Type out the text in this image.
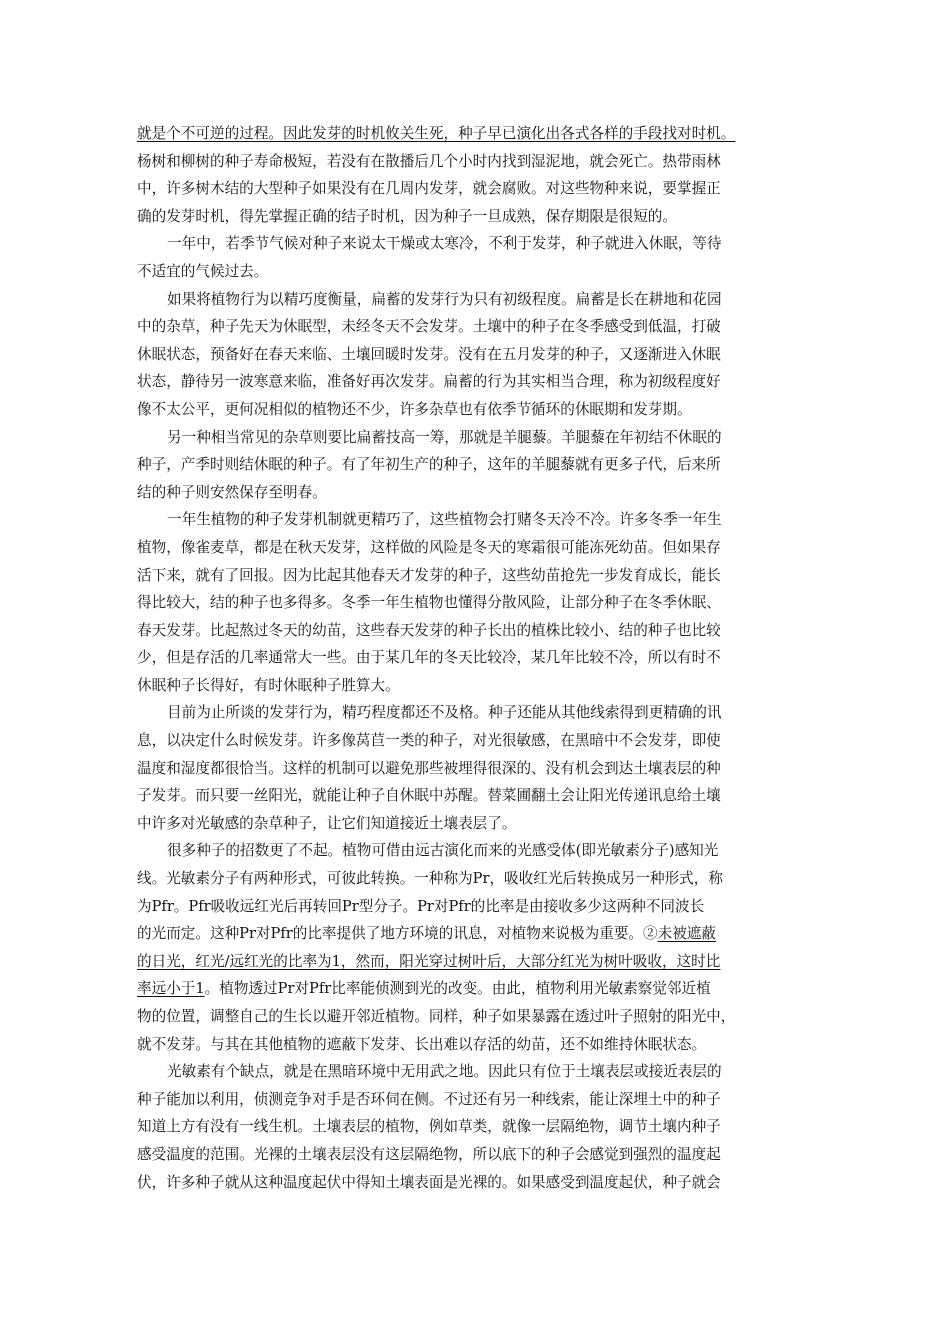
就是个不可逆的过程。因此发芽的时机攸关生死，种子早已演化出各式各样的手段找对时机。
杨树和柳树的种子寿命极短，若没有在散播后几个小时内找到湿泥地，就会死亡。热带雨林
中，许多树木结的大型种子如果没有在几周内发芽，就会腐败。对这些物种来说，要掌握正
确的发芽时机，得先掌握正确的结子时机，因为种子一旦成熟，保存期限是很短的。
一年中，若季节气候对种子来说太干燥或太寒冷，不利于发芽，种子就进入休眠，等待
不适宜的气候过去。
如果将植物行为以精巧度衡量，扁蓄的发芽行为只有初级程度。扁蓄是长在耕地和花园
中的杂草，种子先天为休眠型，未经冬天不会发芽。土壤中的种子在冬季感受到低温，打破
休眠状态，预备好在春天来临、土壤回暖时发芽。没有在五月发芽的种子，又逐渐进入休眠
状态，静待另一波寒意来临，准备好再次发芽。扁蓄的行为其实相当合理，称为初级程度好
像不太公平，更何况相似的植物还不少，许多杂草也有依季节循环的休眠期和发芽期。
另一种相当常见的杂草则要比扁蓄技高一筹，那就是羊腿藜。羊腿藜在年初结不休眠的
种子，产季时则结休眠的种子。有了年初生产的种子，这年的羊腿藜就有更多子代，后来所
结的种子则安然保存至明春。
一年生植物的种子发芽机制就更精巧了，这些植物会打赌冬天冷不冷。许多冬季一年生
植物，像雀麦草，都是在秋天发芽，这样做的风险是冬天的寒霜很可能冻死幼苗。但如果存
活下来，就有了回报。因为比起其他春天才发芽的种子，这些幼苗抢先一步发育成长，能长
得比较大，结的种子也多得多。冬季一年生植物也懂得分散风险，让部分种子在冬季休眠、
春天发芽。比起熬过冬天的幼苗，这些春天发芽的种子长出的植株比较小、结的种子也比较
少，但是存活的几率通常大一些。由于某几年的冬天比较冷，某几年比较不冷，所以有时不
休眠种子长得好，有时休眠种子胜算大。
目前为止所谈的发芽行为，精巧程度都还不及格。种子还能从其他线索得到更精确的讯
息，以决定什么时候发芽。许多像莴苣一类的种子，对光很敏感，在黑暗中不会发芽，即使
温度和湿度都很恰当。这样的机制可以避免那些被埋得很深的、没有机会到达土壤表层的种
子发芽。而只要一丝阳光，就能让种子自休眠中苏醒。替菜圃翻土会让阳光传递讯息给土壤
中许多对光敏感的杂草种子，让它们知道接近土壤表层了。
很多种子的招数更了不起。植物可借由远古演化而来的光感受体(即光敏素分子)感知光
线。光敏素分子有两种形式，可彼此转换。一种称为Pr，吸收红光后转换成另一种形式，称
为Pfr。Pfr吸收远红光后再转回Pr型分子。Pr对Pfr的比率是由接收多少这两种不同波长
的光而定。这种Pr对Pfr的比率提供了地方环境的讯息，对植物来说极为重要。②未被遮蔽
的日光，红光/远红光的比率为1，然而，阳光穿过树叶后，大部分红光为树叶吸收，这时比
率远小于1。植物透过Pr对Pfr比率能侦测到光的改变。由此，植物利用光敏素察觉邻近植
物的位置，调整自己的生长以避开邻近植物。同样，种子如果暴露在透过叶子照射的阳光中，
就不发芽。与其在其他植物的遮蔽下发芽、长出难以存活的幼苗，还不如维持休眠状态。
光敏素有个缺点，就是在黑暗环境中无用武之地。因此只有位于土壤表层或接近表层的
种子能加以利用，侦测竞争对手是否环伺在侧。不过还有另一种线索，能让深埋土中的种子
知道上方有没有一线生机。土壤表层的植物，例如草类，就像一层隔绝物，调节土壤内种子
感受温度的范围。光裸的土壤表层没有这层隔绝物，所以底下的种子会感觉到强烈的温度起
伏，许多种子就从这种温度起伏中得知土壤表面是光裸的。如果感受到温度起伏，种子就会
